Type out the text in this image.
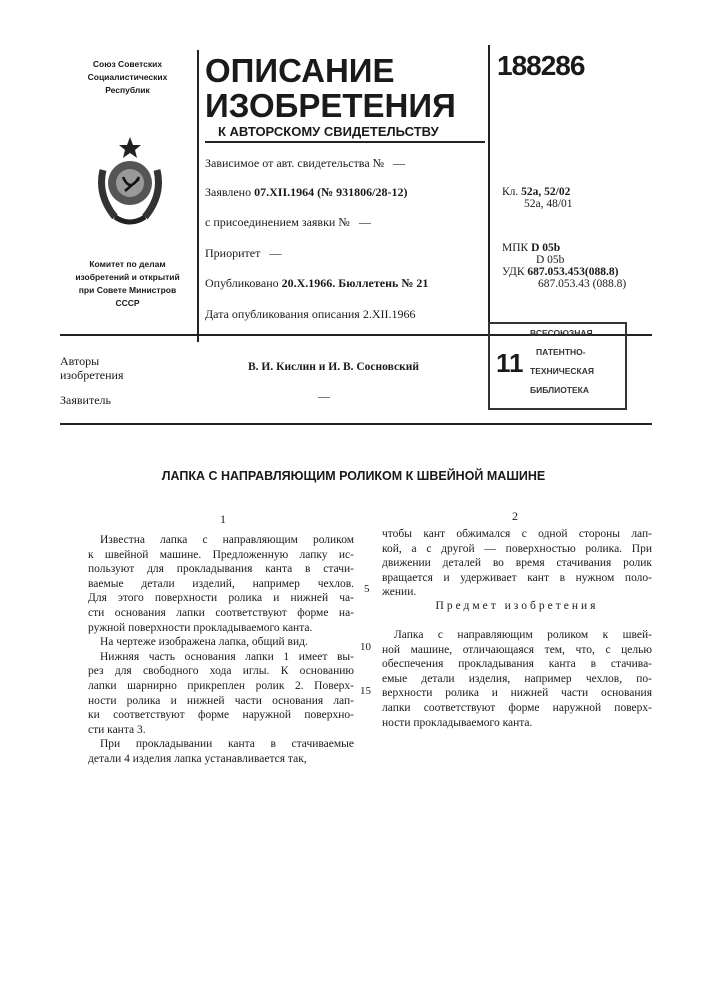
Союз Советских
Социалистических
Республик
Комитет по делам
изобретений и открытий
при Совете Министров
СССР
ОПИСАНИЕ
ИЗОБРЕТЕНИЯ
К АВТОРСКОМУ СВИДЕТЕЛЬСТВУ
188286
Зависимое от авт. свидетельства № —
Заявлено 07.XII.1964 (№ 931806/28-12)
с присоединением заявки № —
Приоритет —
Опубликовано 20.X.1966. Бюллетень № 21
Дата опубликования описания 2.XII.1966
Кл. 52а, 52/02
52а, 48/01
МПК D 05b
D 05b
УДК 687.053.453(088.8)
687.053.43 (088.8)
11
ВСЕСОЮЗНАЯ
ПАТЕНТНО-
ТЕХНИЧЕСКАЯ
БИБЛИОТЕКА
Авторы
изобретения
В. И. Кислин и И. В. Сосновский
Заявитель	—
ЛАПКА С НАПРАВЛЯЮЩИМ РОЛИКОМ К ШВЕЙНОЙ МАШИНЕ
1	2
Известна лапка с направляющим роликом
к швейной машине. Предложенную лапку ис-
пользуют для прокладывания канта в стачи-
ваемые детали изделий, например чехлов.
Для этого поверхности ролика и нижней ча-
сти основания лапки соответствуют форме на-
ружной поверхности прокладываемого канта.
На чертеже изображена лапка, общий вид.
Нижняя часть основания лапки 1 имеет вы-
рез для свободного хода иглы. К основанию
лапки шарнирно прикреплен ролик 2. Поверх-
ности ролика и нижней части основания лап-
ки соответствуют форме наружной поверхно-
сти канта 3.
При прокладывании канта в стачиваемые
детали 4 изделия лапка устанавливается так,
чтобы кант обжимался с одной стороны лап-
кой, а с другой — поверхностью ролика. При
движении деталей во время стачивания ролик
вращается и удерживает кант в нужном поло-
жении.
Предмет изобретения
Лапка с направляющим роликом к швей-
ной машине, отличающаяся тем, что, с целью
обеспечения прокладывания канта в стачива-
емые детали изделия, например чехлов, по-
верхности ролика и нижней части основания
лапки соответствуют форме наружной поверх-
ности прокладываемого канта.
5
10
15
